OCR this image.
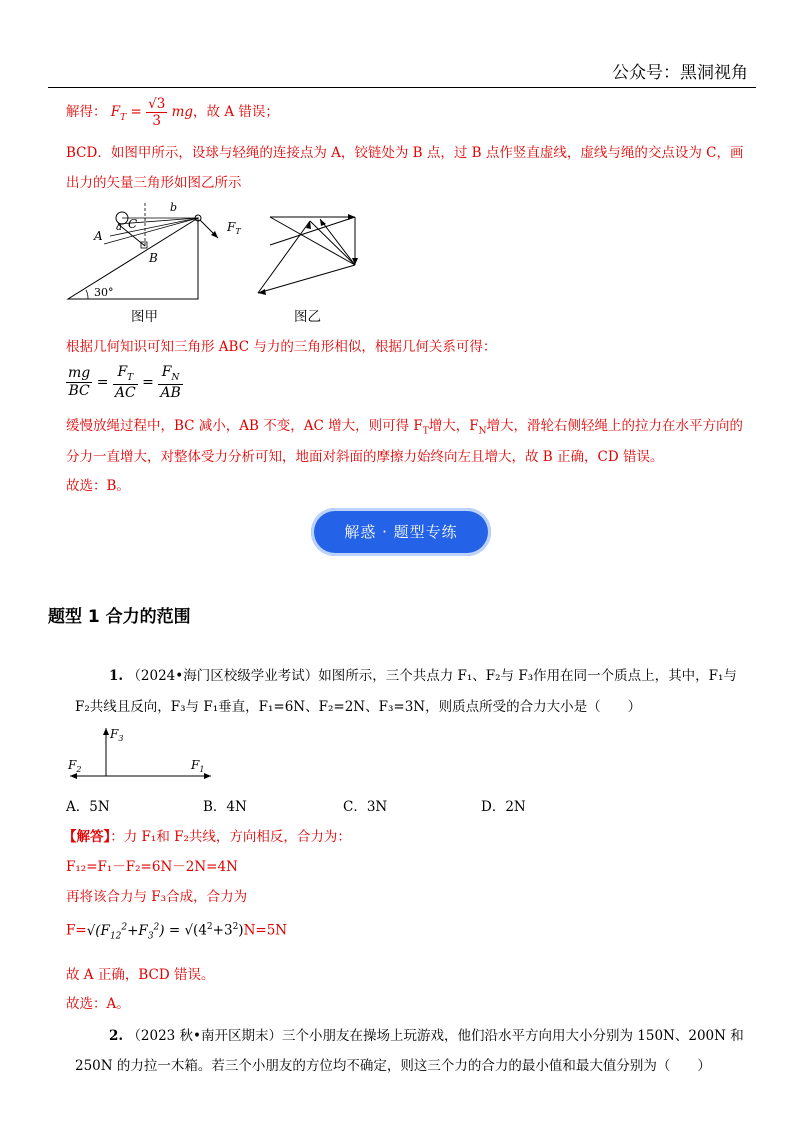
公众号：黑洞视角
解得： $F_T = \frac{√3}{3}$ mg，故 A 错误；
BCD．如图甲所示，设球与轻绳的连接点为 A，铰链处为 B 点，过 B 点作竖直虚线，虚线与绳的交点设为 C，画
出力的矢量三角形如图乙所示
30°
A
B
C
a
b
$F_T$
图甲	图乙
根据几何知识可知三角形 ABC 与力的三角形相似，根据几何关系可得：
$\frac{mg}{BC} = \frac{F_T}{AC} = \frac{F_N}{AB}$
缓慢放绳过程中，BC 减小，AB 不变，AC 增大，则可得 $F_T$增大，$F_N$增大，滑轮右侧轻绳上的拉力在水平方向的
分力一直增大，对整体受力分析可知，地面对斜面的摩擦力始终向左且增大，故 B 正确，CD 错误。
故选：B。
解惑 · 题型专练
题型 1 合力的范围
1. （2024•海门区校级学业考试）如图所示，三个共点力 F₁、F₂与 F₃作用在同一个质点上，其中，F₁与
F₂共线且反向，F₃与 F₁垂直，F₁=6N、F₂=2N、F₃=3N，则质点所受的合力大小是（　　）
$F_3$
$F_2$	$F_1$
A．5N	B．4N	C．3N	D．2N
【解答】：力 F₁和 F₂共线，方向相反，合力为：
F₁₂=F₁－F₂=6N－2N=4N
再将该合力与 F₃合成，合力为
$F=√(F_{12}^2+F_3^2) = √(4^2+3^2)N=5N$
故 A 正确，BCD 错误。
故选：A。
2. （2023 秋•南开区期末）三个小朋友在操场上玩游戏，他们沿水平方向用大小分别为 150N、200N 和
250N 的力拉一木箱。若三个小朋友的方位均不确定，则这三个力的合力的最小值和最大值分别为（　　）
